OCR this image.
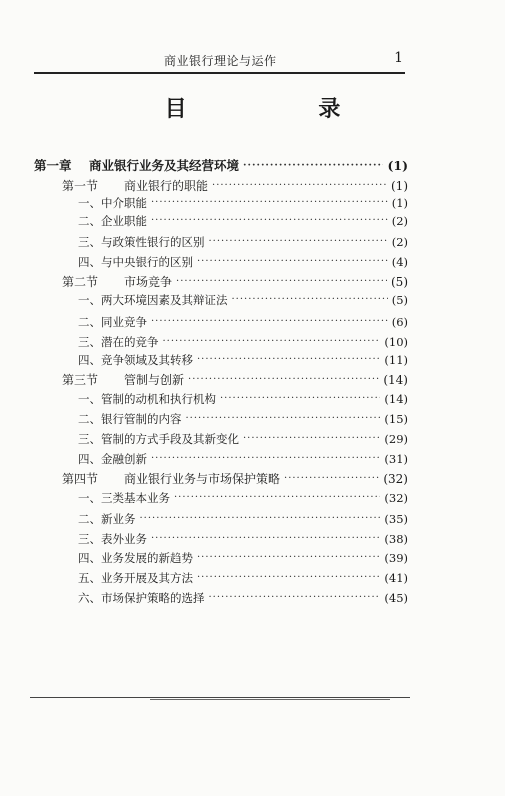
商业银行理论与运作	1
目 录
第一章	商业银行业务及其经营环境 ·····	(1)
第一节	商业银行的职能 ·····	(1)
一、中介职能 ·····	(1)
二、企业职能 ·····	(2)
三、与政策性银行的区别 ·····	(2)
四、与中央银行的区别 ·····	(4)
第二节	市场竞争 ·····	(5)
一、两大环境因素及其辩证法 ·····	(5)
二、同业竞争 ·····	(6)
三、潜在的竞争 ·····	(10)
四、竞争领域及其转移 ·····	(11)
第三节	管制与创新 ·····	(14)
一、管制的动机和执行机构 ·····	(14)
二、银行管制的内容 ·····	(15)
三、管制的方式手段及其新变化 ·····	(29)
四、金融创新 ·····	(31)
第四节	商业银行业务与市场保护策略 ·····	(32)
一、三类基本业务 ·····	(32)
二、新业务 ·····	(35)
三、表外业务 ·····	(38)
四、业务发展的新趋势 ·····	(39)
五、业务开展及其方法 ·····	(41)
六、市场保护策略的选择 ·····	(45)
